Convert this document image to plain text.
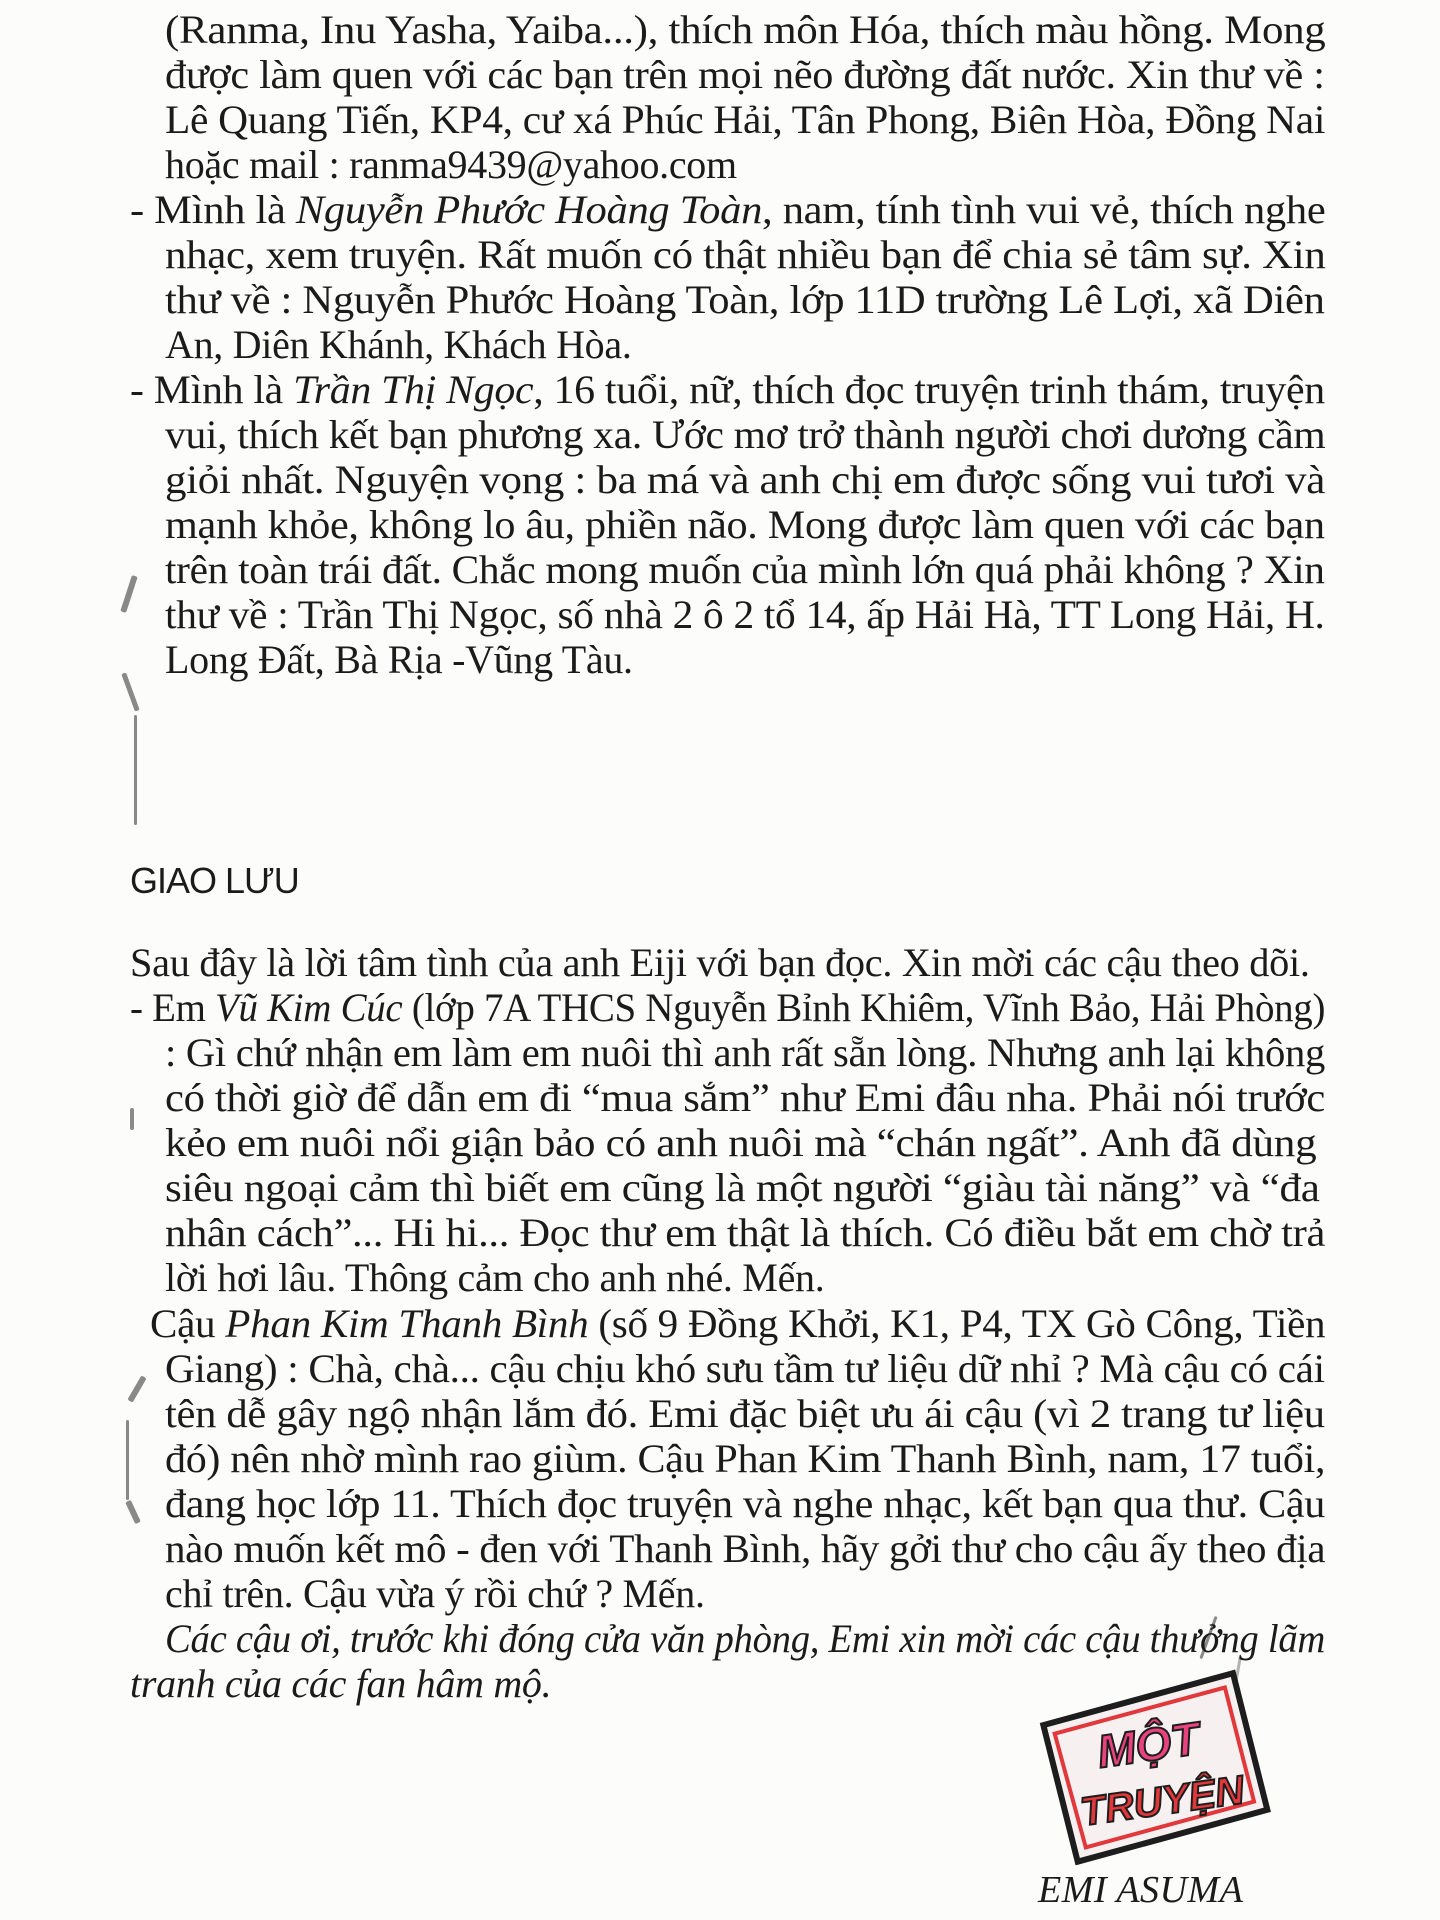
(Ranma, Inu Yasha, Yaiba...), thích môn Hóa, thích màu hồng. Mong
được làm quen với các bạn trên mọi nẽo đường đất nước. Xin thư về :
Lê Quang Tiến, KP4, cư xá Phúc Hải, Tân Phong, Biên Hòa, Đồng Nai
hoặc mail : ranma9439@yahoo.com
- Mình là Nguyễn Phước Hoàng Toàn, nam, tính tình vui vẻ, thích nghe
nhạc, xem truyện. Rất muốn có thật nhiều bạn để chia sẻ tâm sự. Xin
thư về : Nguyễn Phước Hoàng Toàn, lớp 11D trường Lê Lợi, xã Diên
An, Diên Khánh, Khách Hòa.
- Mình là Trần Thị Ngọc, 16 tuổi, nữ, thích đọc truyện trinh thám, truyện
vui, thích kết bạn phương xa. Ước mơ trở thành người chơi dương cầm
giỏi nhất. Nguyện vọng : ba má và anh chị em được sống vui tươi và
mạnh khỏe, không lo âu, phiền não. Mong được làm quen với các bạn
trên toàn trái đất. Chắc mong muốn của mình lớn quá phải không ? Xin
thư về : Trần Thị Ngọc, số nhà 2 ô 2 tổ 14, ấp Hải Hà, TT Long Hải, H.
Long Đất, Bà Rịa -Vũng Tàu.
Sau đây là lời tâm tình của anh Eiji với bạn đọc. Xin mời các cậu theo dõi.
- Em Vũ Kim Cúc (lớp 7A THCS Nguyễn Bỉnh Khiêm, Vĩnh Bảo, Hải Phòng)
: Gì chứ nhận em làm em nuôi thì anh rất sẵn lòng. Nhưng anh lại không
có thời giờ để dẫn em đi “mua sắm” như Emi đâu nha. Phải nói trước
kẻo em nuôi nổi giận bảo có anh nuôi mà “chán ngất”. Anh đã dùng
siêu ngoại cảm thì biết em cũng là một người “giàu tài năng” và “đa
nhân cách”... Hi hi... Đọc thư em thật là thích. Có điều bắt em chờ trả
lời hơi lâu. Thông cảm cho anh nhé. Mến.
Cậu Phan Kim Thanh Bình (số 9 Đồng Khởi, K1, P4, TX Gò Công, Tiền
Giang) : Chà, chà... cậu chịu khó sưu tầm tư liệu dữ nhỉ ? Mà cậu có cái
tên dễ gây ngộ nhận lắm đó. Emi đặc biệt ưu ái cậu (vì 2 trang tư liệu
đó) nên nhờ mình rao giùm. Cậu Phan Kim Thanh Bình, nam, 17 tuổi,
đang học lớp 11. Thích đọc truyện và nghe nhạc, kết bạn qua thư. Cậu
nào muốn kết mô - đen với Thanh Bình, hãy gởi thư cho cậu ấy theo địa
chỉ trên. Cậu vừa ý rồi chứ ? Mến.
Các cậu ơi, trước khi đóng cửa văn phòng, Emi xin mời các cậu thưởng lãm
tranh của các fan hâm mộ.
GIAO LƯU
EMI ASUMA
MỘT
TRUYỆN
